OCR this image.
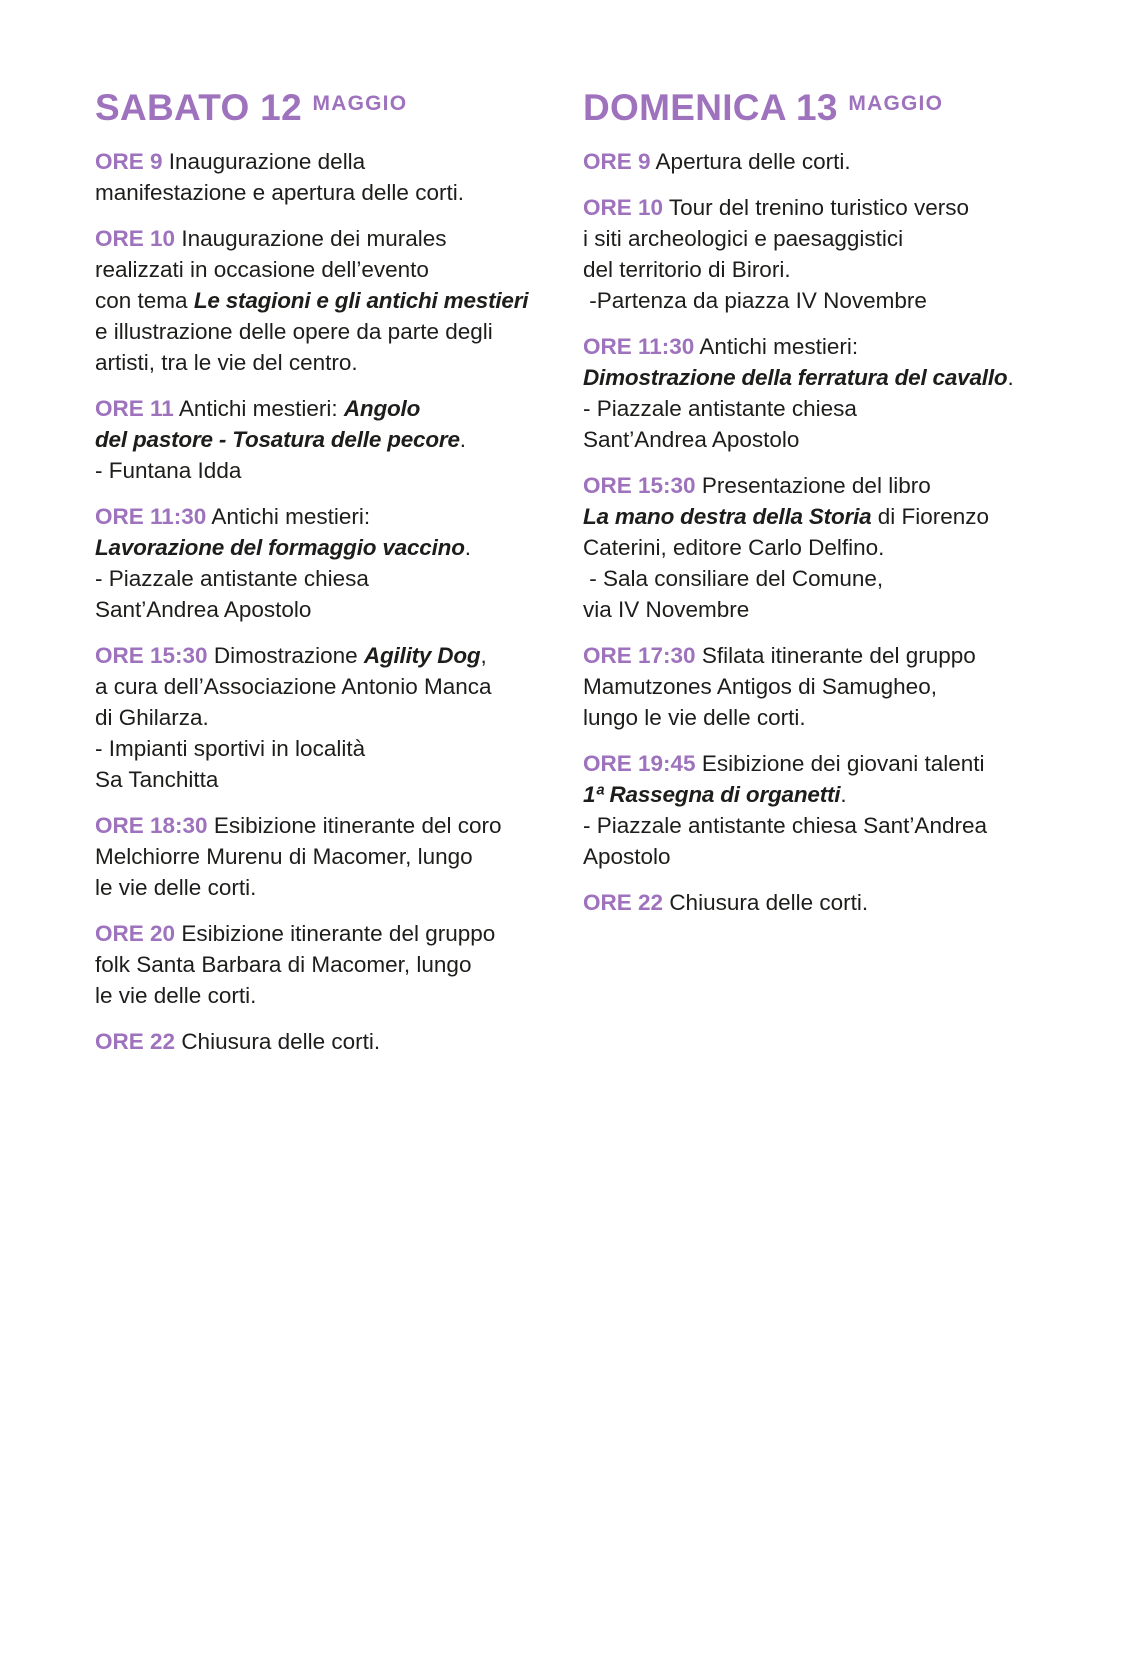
SABATO 12 $^{MAGGIO}$
ORE 9 Inaugurazione della
manifestazione e apertura delle corti.
ORE 10 Inaugurazione dei murales
realizzati in occasione dell’evento
con tema Le stagioni e gli antichi mestieri
e illustrazione delle opere da parte degli
artisti, tra le vie del centro.
ORE 11 Antichi mestieri: Angolo
del pastore - Tosatura delle pecore.
- Funtana Idda
ORE 11:30 Antichi mestieri:
Lavorazione del formaggio vaccino.
- Piazzale antistante chiesa
Sant’Andrea Apostolo
ORE 15:30 Dimostrazione Agility Dog,
a cura dell’Associazione Antonio Manca
di Ghilarza.
- Impianti sportivi in località
Sa Tanchitta
ORE 18:30 Esibizione itinerante del coro
Melchiorre Murenu di Macomer, lungo
le vie delle corti.
ORE 20 Esibizione itinerante del gruppo
folk Santa Barbara di Macomer, lungo
le vie delle corti.
ORE 22 Chiusura delle corti.
DOMENICA 13 $^{MAGGIO}$
ORE 9 Apertura delle corti.
ORE 10 Tour del trenino turistico verso
i siti archeologici e paesaggistici
del territorio di Birori.
-Partenza da piazza IV Novembre
ORE 11:30 Antichi mestieri:
Dimostrazione della ferratura del cavallo.
- Piazzale antistante chiesa
Sant’Andrea Apostolo
ORE 15:30 Presentazione del libro
La mano destra della Storia di Fiorenzo
Caterini, editore Carlo Delfino.
- Sala consiliare del Comune,
via IV Novembre
ORE 17:30 Sfilata itinerante del gruppo
Mamutzones Antigos di Samugheo,
lungo le vie delle corti.
ORE 19:45 Esibizione dei giovani talenti
1ª Rassegna di organetti.
- Piazzale antistante chiesa Sant’Andrea
Apostolo
ORE 22 Chiusura delle corti.
